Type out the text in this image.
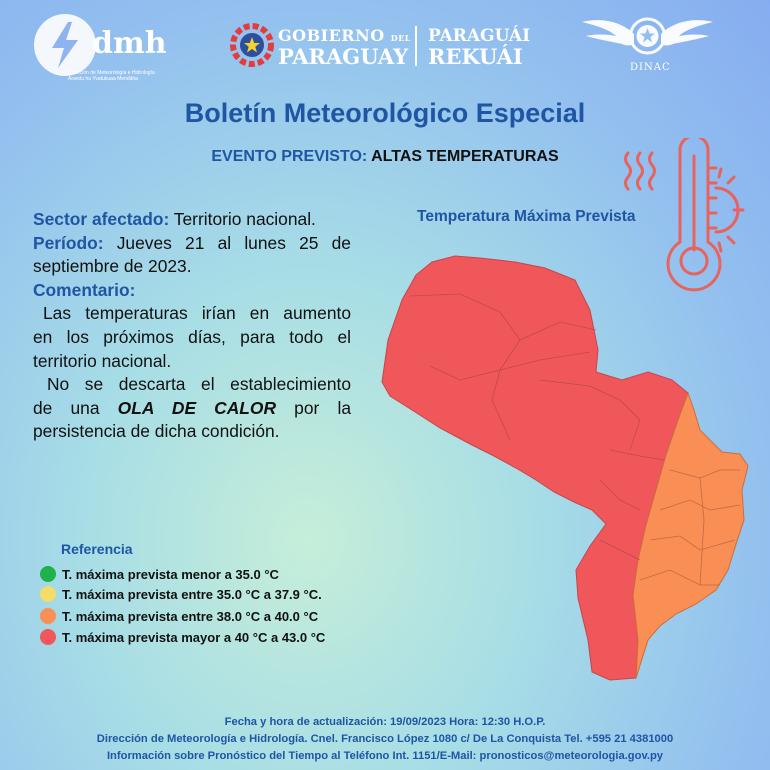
dmh
Dirección de Meteorología e Hidrología
Arandu ha Yvatukuaa Mendáha
GOBIERNO DEL
PARAGUAY
PARAGUÁI
REKUÁI	DINAC
Boletín Meteorológico Especial
EVENTO PREVISTO: ALTAS TEMPERATURAS
Sector afectado: Territorio nacional.
Período: Jueves 21 al lunes 25 de
septiembre de 2023.
Comentario:
Las temperaturas irían en aumento
en los próximos días, para todo el
territorio nacional.
No se descarta el establecimiento
de una OLA DE CALOR por la
persistencia de dicha condición.
Temperatura Máxima Prevista
Referencia
T. máxima prevista menor a 35.0 °C
T. máxima prevista entre 35.0 °C a 37.9 °C.
T. máxima prevista entre 38.0 °C a 40.0 °C
T. máxima prevista mayor a 40 °C a 43.0 °C
Fecha y hora de actualización: 19/09/2023 Hora: 12:30 H.O.P.
Dirección de Meteorología e Hidrología. Cnel. Francisco López 1080 c/ De La Conquista Tel. +595 21 4381000
Información sobre Pronóstico del Tiempo al Teléfono Int. 1151/E-Mail: pronosticos@meteorologia.gov.py
